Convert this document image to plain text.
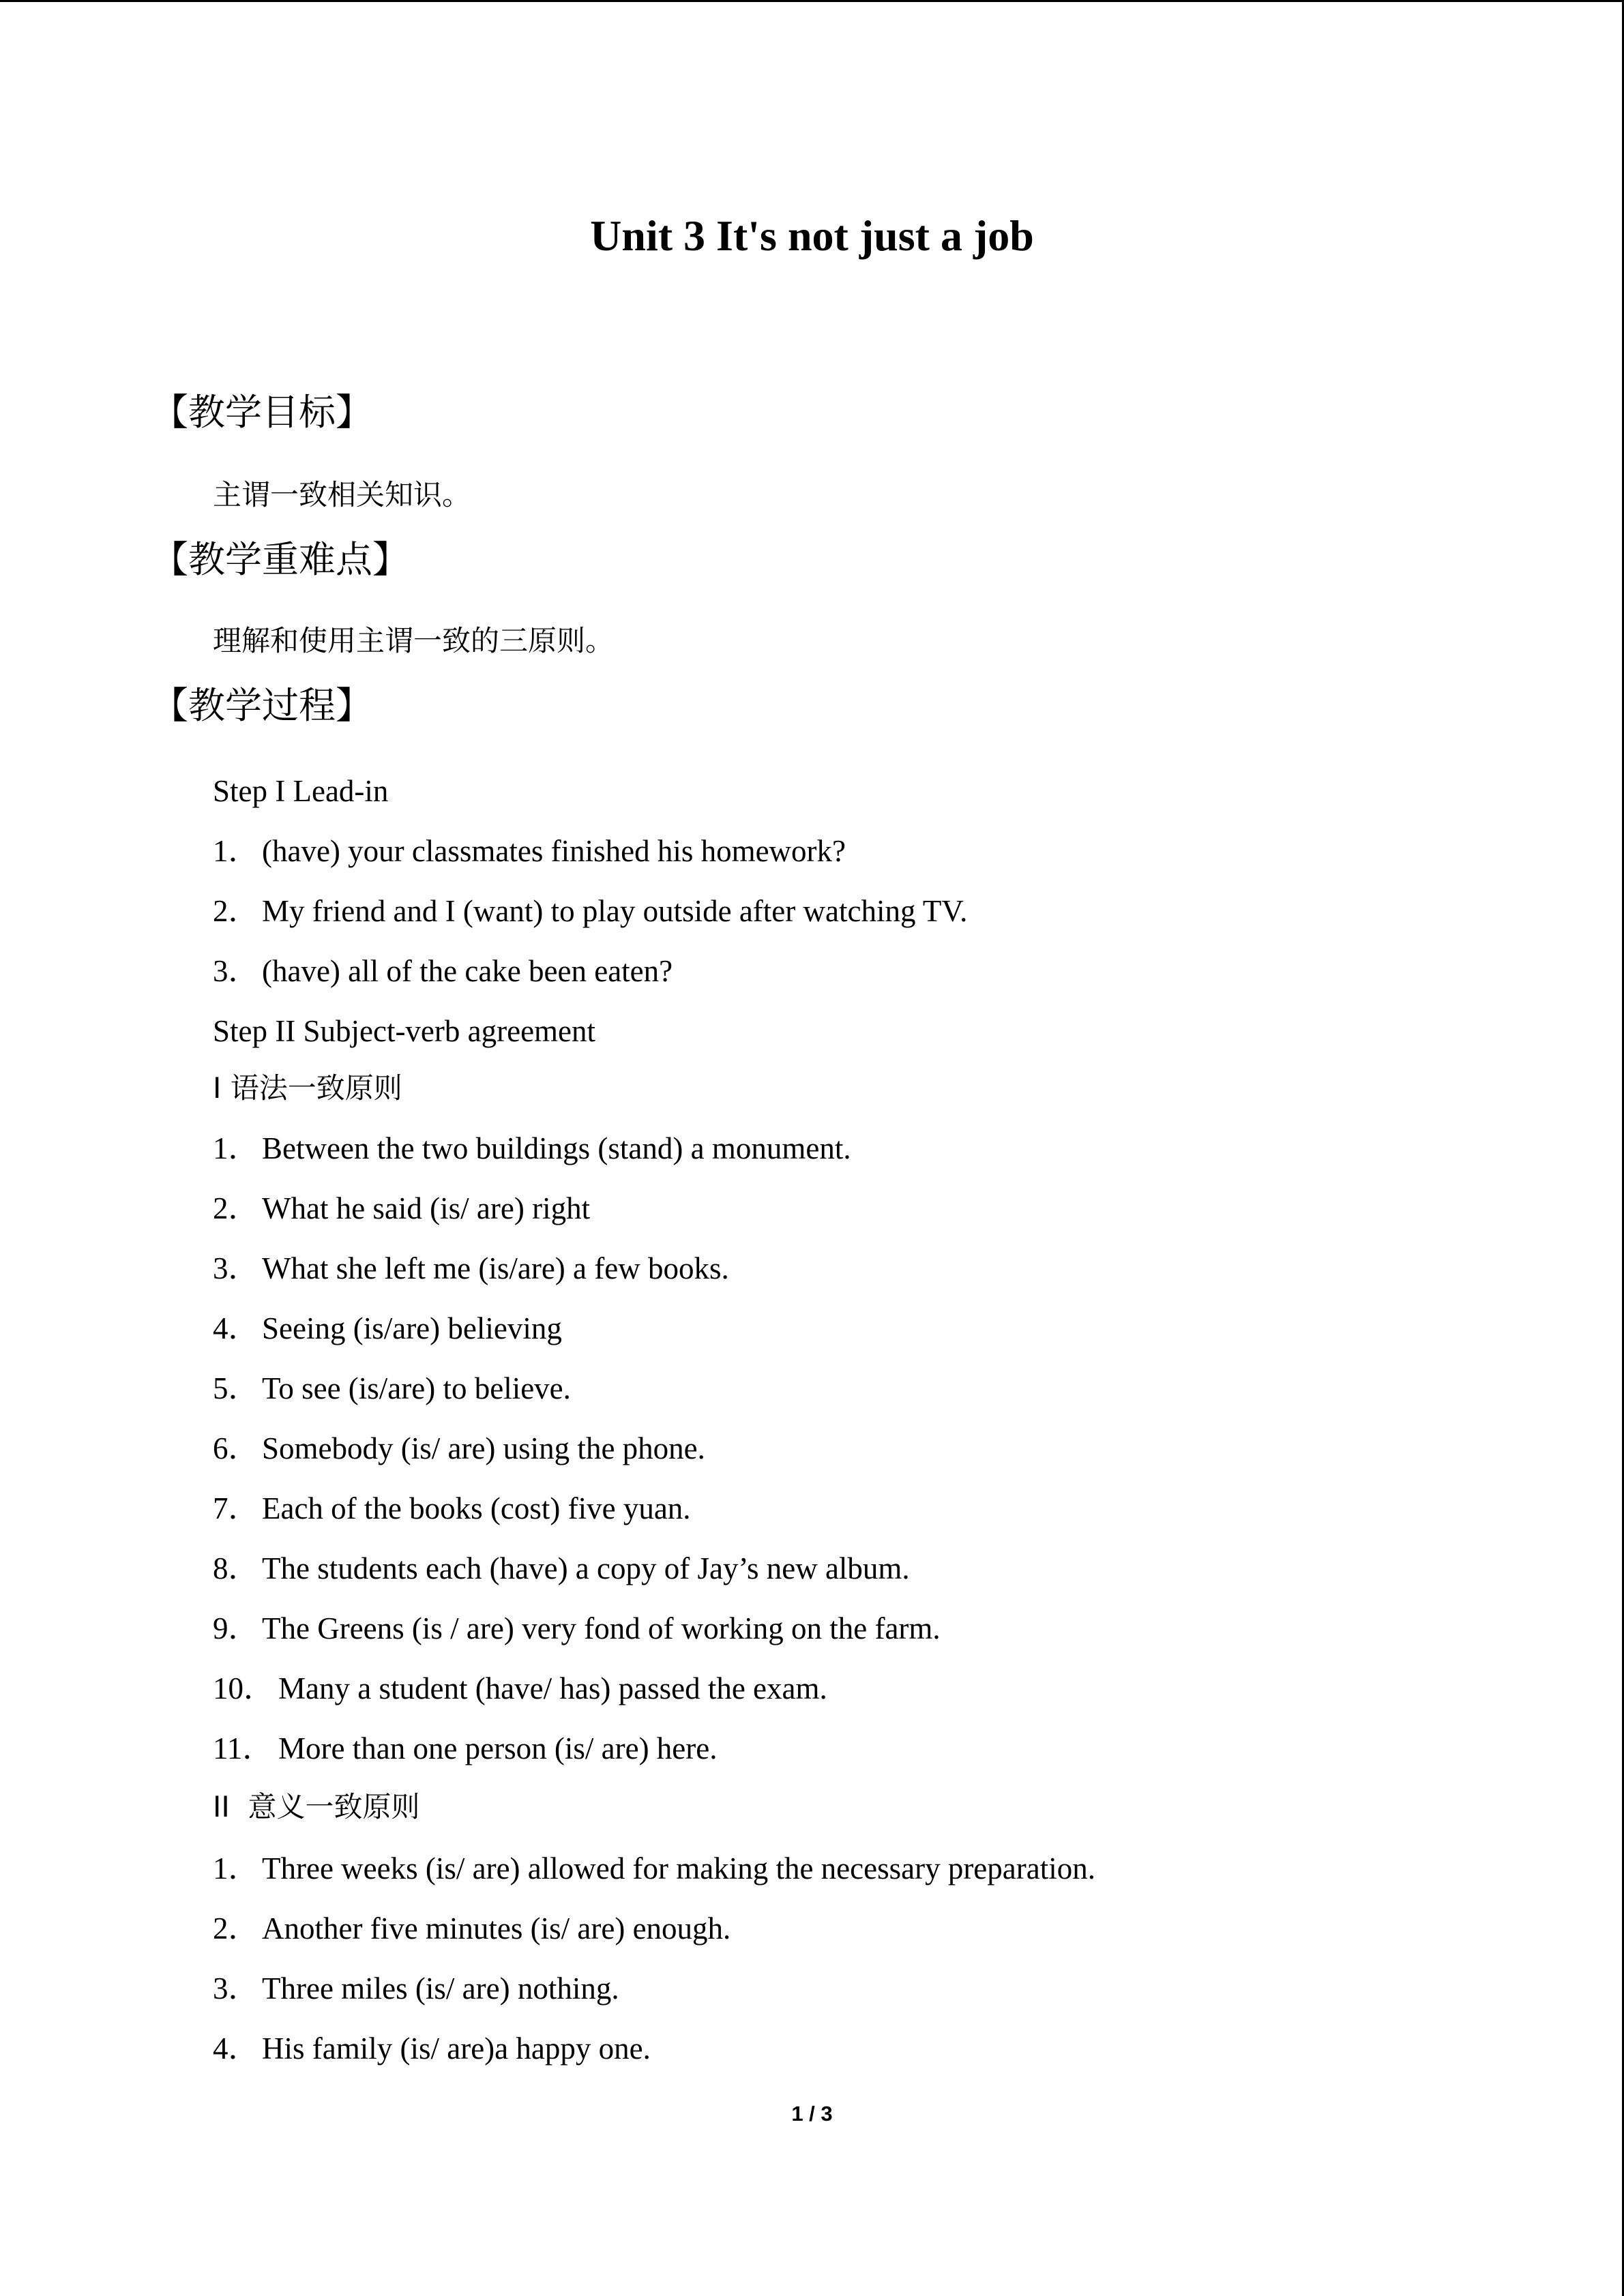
Unit 3 It's not just a job
【教学目标】
主谓一致相关知识。
【教学重难点】
理解和使用主谓一致的三原则。
【教学过程】
Step I Lead-in
1．(have) your classmates finished his homework?
2．My friend and I (want) to play outside after watching TV.
3．(have) all of the cake been eaten?
Step II Subject-verb agreement
I 语法一致原则
1．Between the two buildings (stand) a monument.
2．What he said (is/ are) right
3．What she left me (is/are) a few books.
4．Seeing (is/are) believing
5．To see (is/are) to believe.
6．Somebody (is/ are) using the phone.
7．Each of the books (cost) five yuan.
8．The students each (have) a copy of Jay’s new album.
9．The Greens (is / are) very fond of working on the farm.
10． Many a student (have/ has) passed the exam.
11． More than one person (is/ are) here.
II  意义一致原则
1．Three weeks (is/ are) allowed for making the necessary preparation.
2．Another five minutes (is/ are) enough.
3．Three miles (is/ are) nothing.
4．His family (is/ are)a happy one.
1 / 3
